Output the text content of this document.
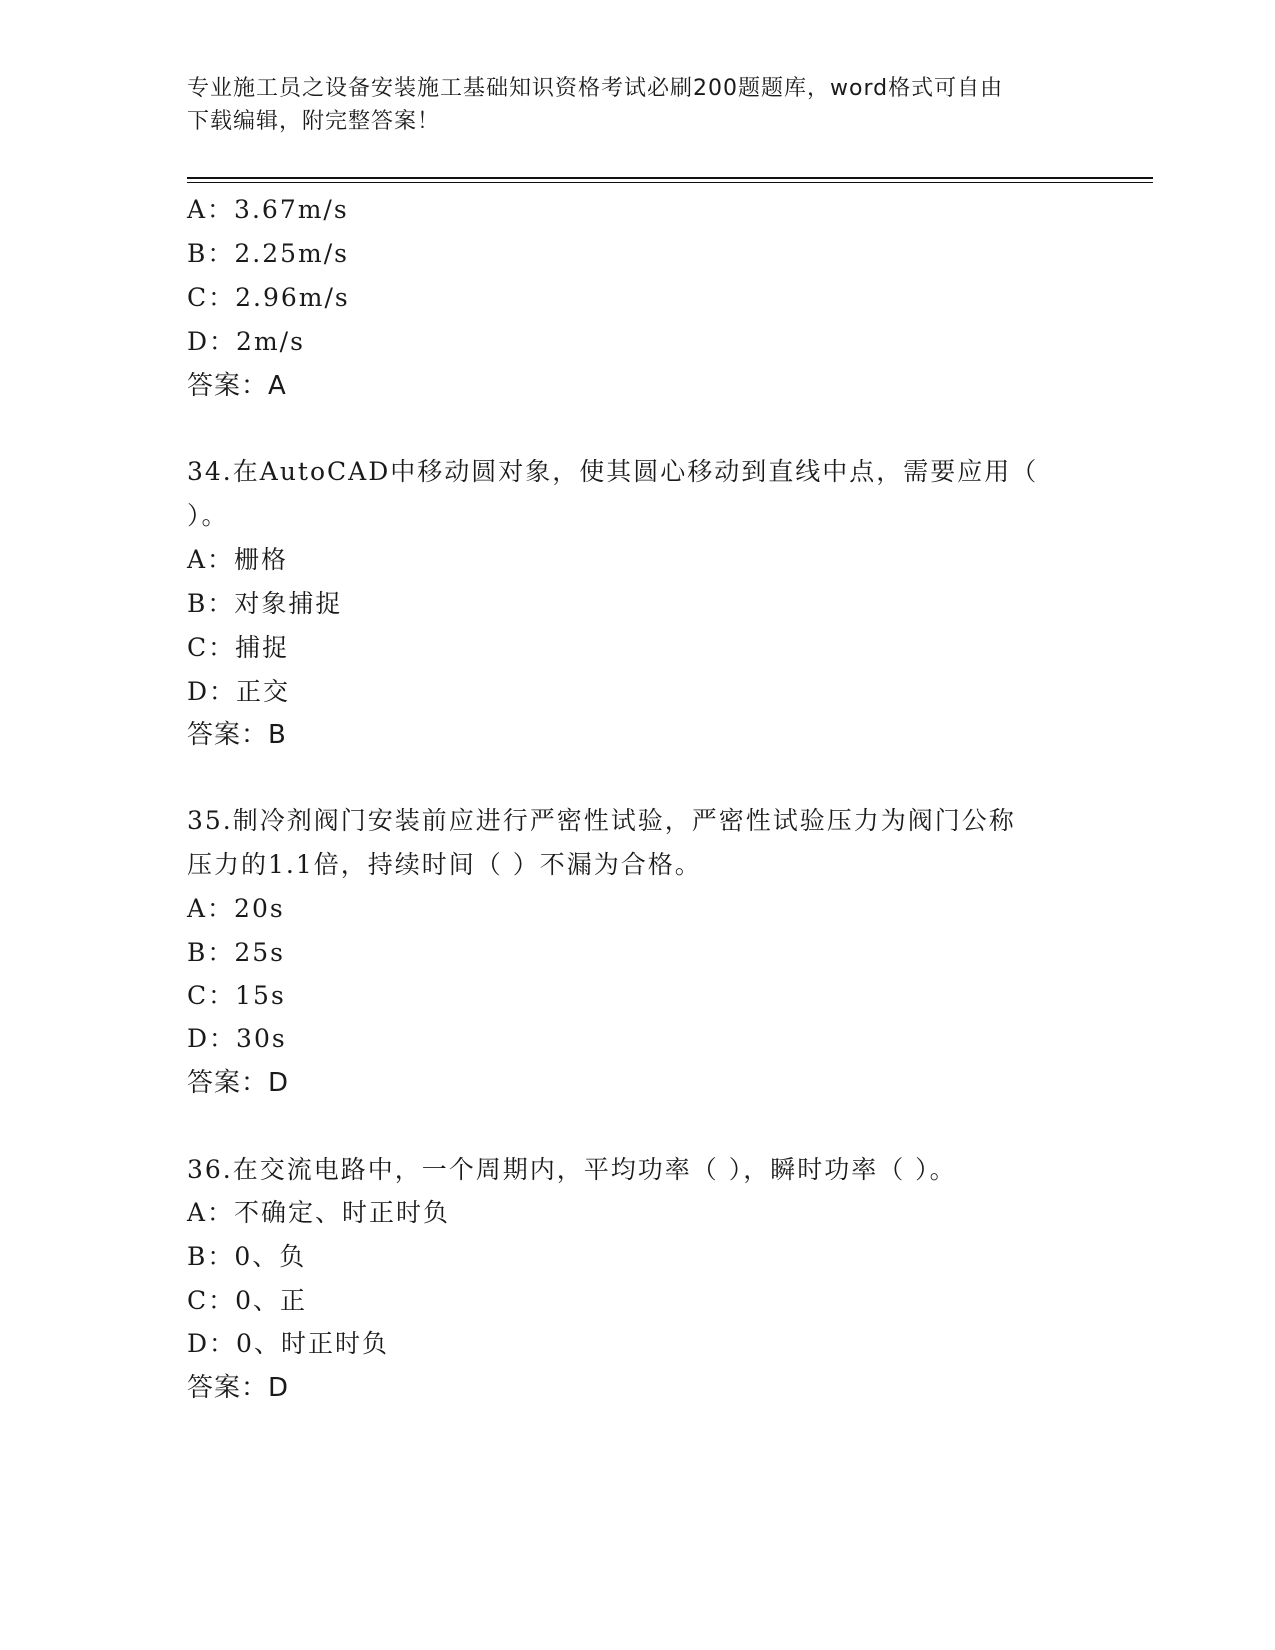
专业施工员之设备安装施工基础知识资格考试必刷200题题库，word格式可自由
下载编辑，附完整答案！
A：3.67m/s
B：2.25m/s
C：2.96m/s
D：2m/s
答案：A
34.在AutoCAD中移动圆对象，使其圆心移动到直线中点，需要应用（
）。
A：栅格
B：对象捕捉
C：捕捉
D：正交
答案：B
35.制冷剂阀门安装前应进行严密性试验，严密性试验压力为阀门公称
压力的1.1倍，持续时间（ ）不漏为合格。
A：20s
B：25s
C：15s
D：30s
答案：D
36.在交流电路中，一个周期内，平均功率（ ），瞬时功率（ ）。
A：不确定、时正时负
B：0、负
C：0、正
D：0、时正时负
答案：D
